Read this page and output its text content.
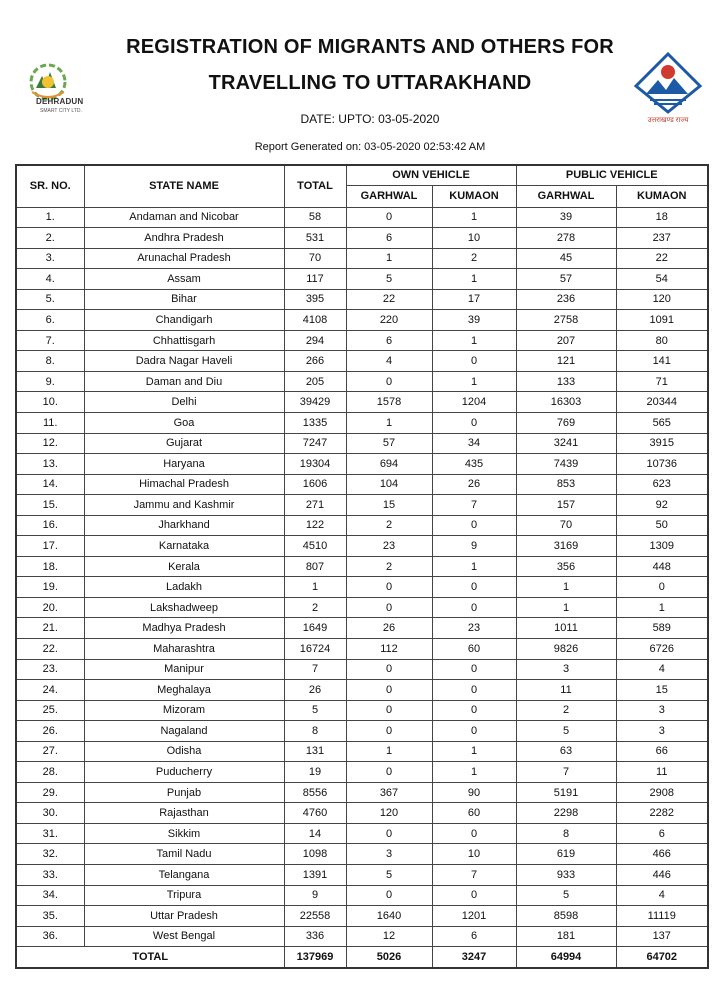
DEHRADUN
SMART CITY LTD.
REGISTRATION OF MIGRANTS AND OTHERS FOR
TRAVELLING TO UTTARAKHAND
DATE: UPTO: 03-05-2020
Report Generated on: 03-05-2020 02:53:42 AM
उत्तराखण्ड राज्य
SR. NO.	STATE NAME	TOTAL	OWN VEHICLE		PUBLIC VEHICLE	
			GARHWAL	KUMAON	GARHWAL	KUMAON
1.	Andaman and Nicobar	58	0	1	39	18
2.	Andhra Pradesh	531	6	10	278	237
3.	Arunachal Pradesh	70	1	2	45	22
4.	Assam	117	5	1	57	54
5.	Bihar	395	22	17	236	120
6.	Chandigarh	4108	220	39	2758	1091
7.	Chhattisgarh	294	6	1	207	80
8.	Dadra Nagar Haveli	266	4	0	121	141
9.	Daman and Diu	205	0	1	133	71
10.	Delhi	39429	1578	1204	16303	20344
11.	Goa	1335	1	0	769	565
12.	Gujarat	7247	57	34	3241	3915
13.	Haryana	19304	694	435	7439	10736
14.	Himachal Pradesh	1606	104	26	853	623
15.	Jammu and Kashmir	271	15	7	157	92
16.	Jharkhand	122	2	0	70	50
17.	Karnataka	4510	23	9	3169	1309
18.	Kerala	807	2	1	356	448
19.	Ladakh	1	0	0	1	0
20.	Lakshadweep	2	0	0	1	1
21.	Madhya Pradesh	1649	26	23	1011	589
22.	Maharashtra	16724	112	60	9826	6726
23.	Manipur	7	0	0	3	4
24.	Meghalaya	26	0	0	11	15
25.	Mizoram	5	0	0	2	3
26.	Nagaland	8	0	0	5	3
27.	Odisha	131	1	1	63	66
28.	Puducherry	19	0	1	7	11
29.	Punjab	8556	367	90	5191	2908
30.	Rajasthan	4760	120	60	2298	2282
31.	Sikkim	14	0	0	8	6
32.	Tamil Nadu	1098	3	10	619	466
33.	Telangana	1391	5	7	933	446
34.	Tripura	9	0	0	5	4
35.	Uttar Pradesh	22558	1640	1201	8598	11119
36.	West Bengal	336	12	6	181	137
TOTAL		137969	5026	3247	64994	64702
